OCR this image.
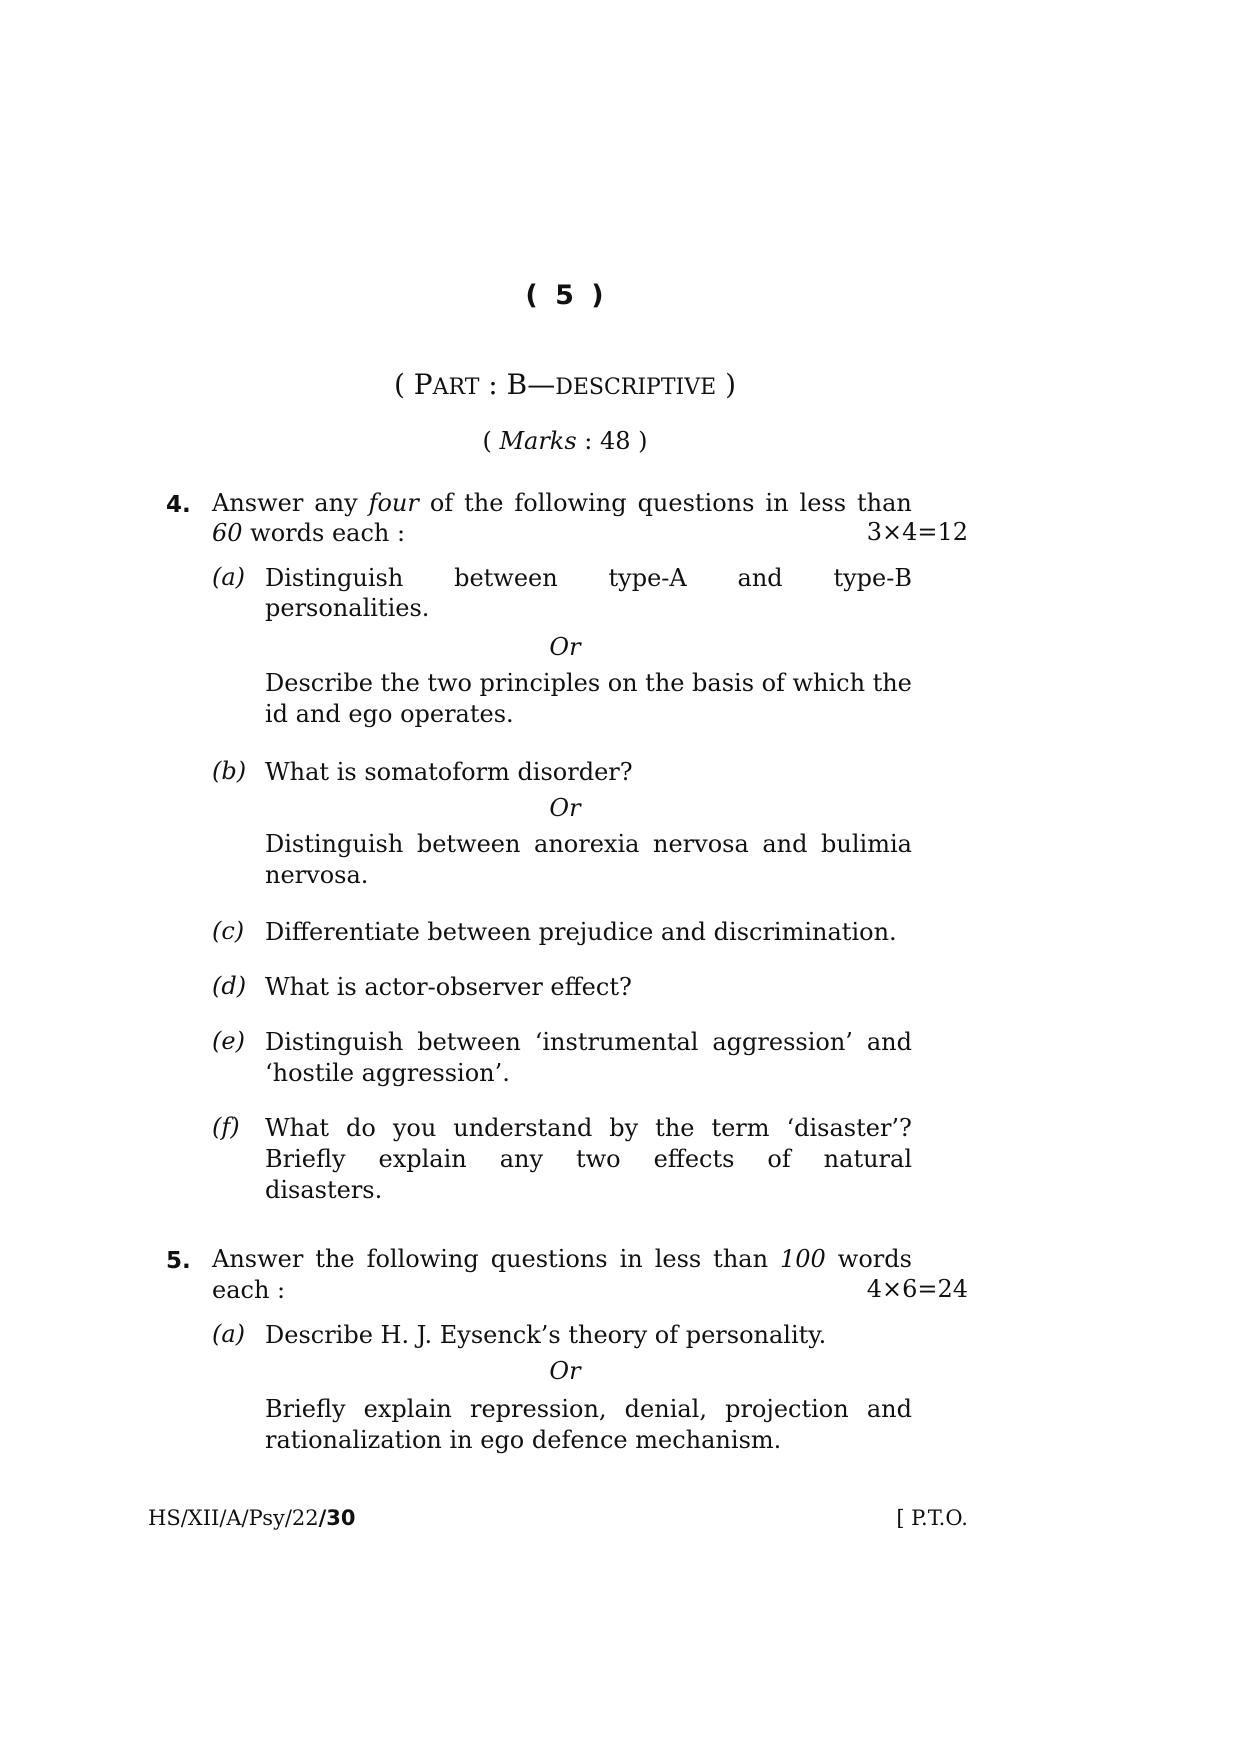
( 5 )
( PART : B—DESCRIPTIVE )
( Marks : 48 )
4. Answer any four of the following questions in less than
60 words each :	3×4=12
(a) Distinguish between type-A and type-B
personalities.
Or
Describe the two principles on the basis of which the
id and ego operates.
(b) What is somatoform disorder?
Or
Distinguish between anorexia nervosa and bulimia
nervosa.
(c) Differentiate between prejudice and discrimination.
(d) What is actor-observer effect?
(e) Distinguish between ‘instrumental aggression’ and
‘hostile aggression’.
(f) What do you understand by the term ‘disaster’?
Briefly explain any two effects of natural
disasters.
5. Answer the following questions in less than 100 words
each :	4×6=24
(a) Describe H. J. Eysenck’s theory of personality.
Or
Briefly explain repression, denial, projection and
rationalization in ego defence mechanism.
HS/XII/A/Psy/22/30	[ P.T.O.
